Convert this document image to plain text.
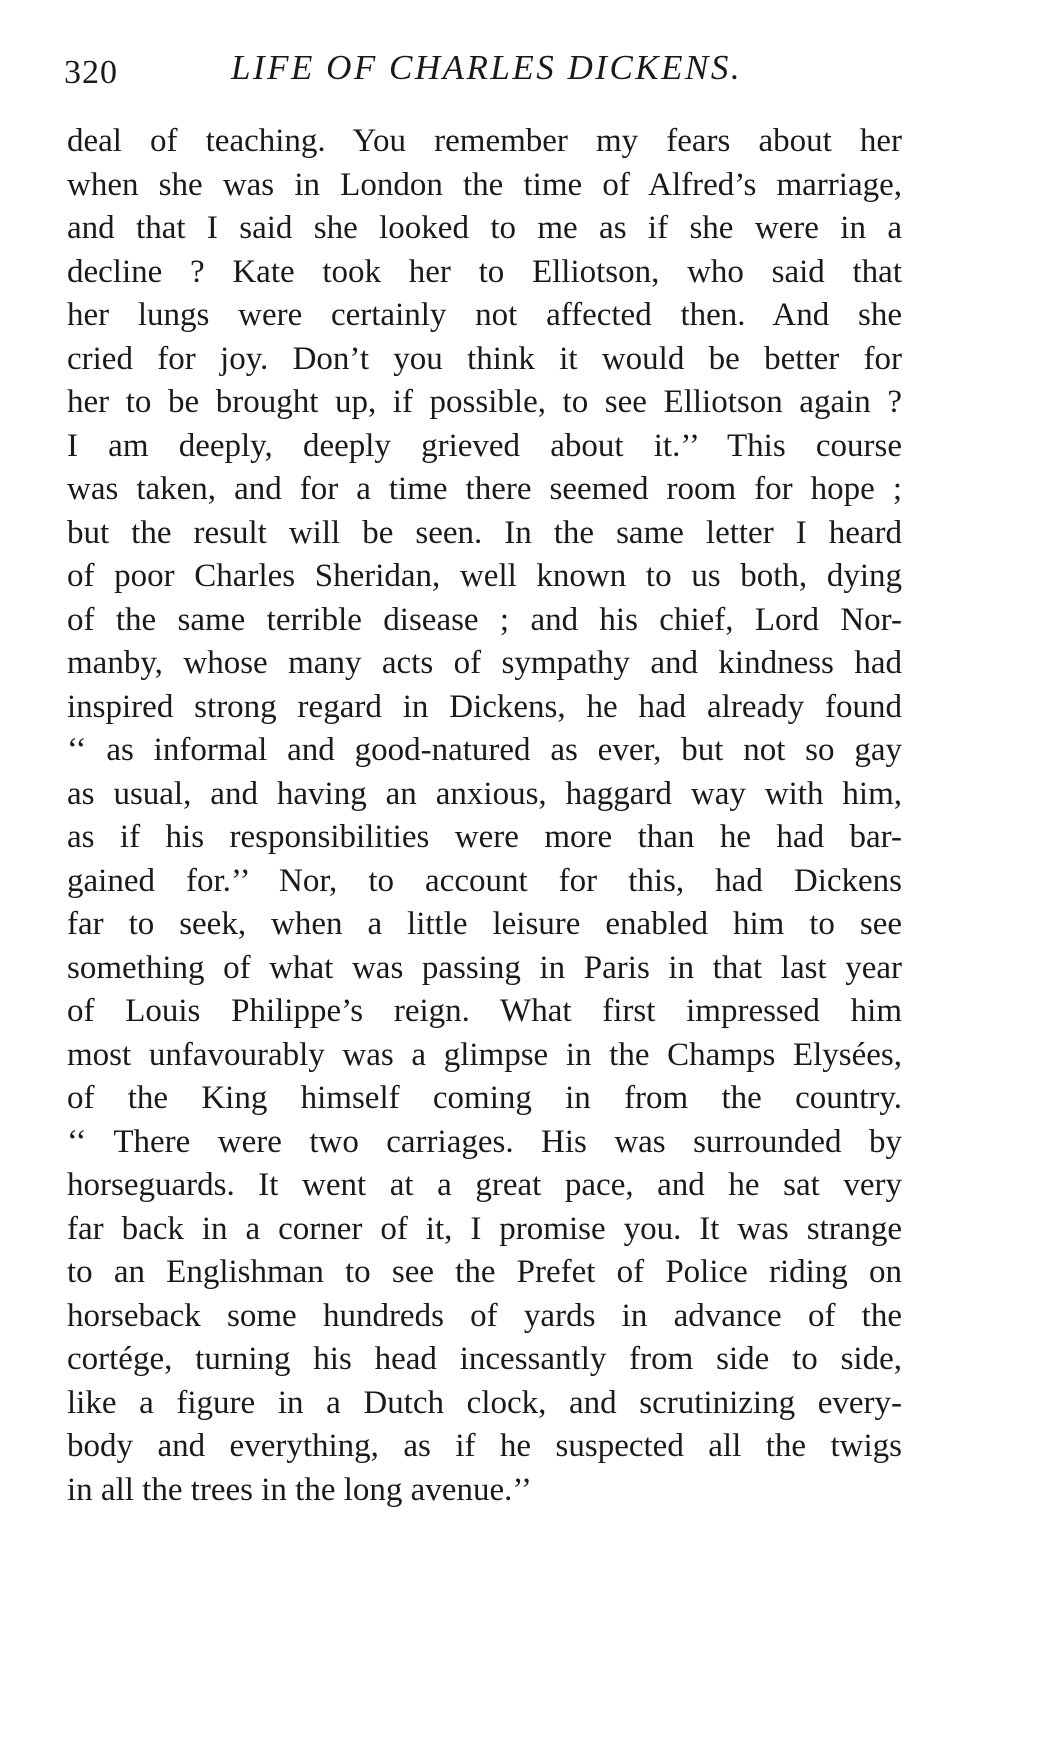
320	LIFE OF CHARLES DICKENS.
deal of teaching. You remember my fears about her
when she was in London the time of Alfred’s marriage,
and that I said she looked to me as if she were in a
decline ? Kate took her to Elliotson, who said that
her lungs were certainly not affected then. And she
cried for joy. Don’t you think it would be better for
her to be brought up, if possible, to see Elliotson again ?
I am deeply, deeply grieved about it.’’ This course
was taken, and for a time there seemed room for hope ;
but the result will be seen. In the same letter I heard
of poor Charles Sheridan, well known to us both, dying
of the same terrible disease ; and his chief, Lord Nor-
manby, whose many acts of sympathy and kindness had
inspired strong regard in Dickens, he had already found
‘‘ as informal and good-natured as ever, but not so gay
as usual, and having an anxious, haggard way with him,
as if his responsibilities were more than he had bar-
gained for.’’ Nor, to account for this, had Dickens
far to seek, when a little leisure enabled him to see
something of what was passing in Paris in that last year
of Louis Philippe’s reign. What first impressed him
most unfavourably was a glimpse in the Champs Elysées,
of the King himself coming in from the country.
‘‘ There were two carriages. His was surrounded by
horseguards. It went at a great pace, and he sat very
far back in a corner of it, I promise you. It was strange
to an Englishman to see the Prefet of Police riding on
horseback some hundreds of yards in advance of the
cortége, turning his head incessantly from side to side,
like a figure in a Dutch clock, and scrutinizing every-
body and everything, as if he suspected all the twigs
in all the trees in the long avenue.’’
